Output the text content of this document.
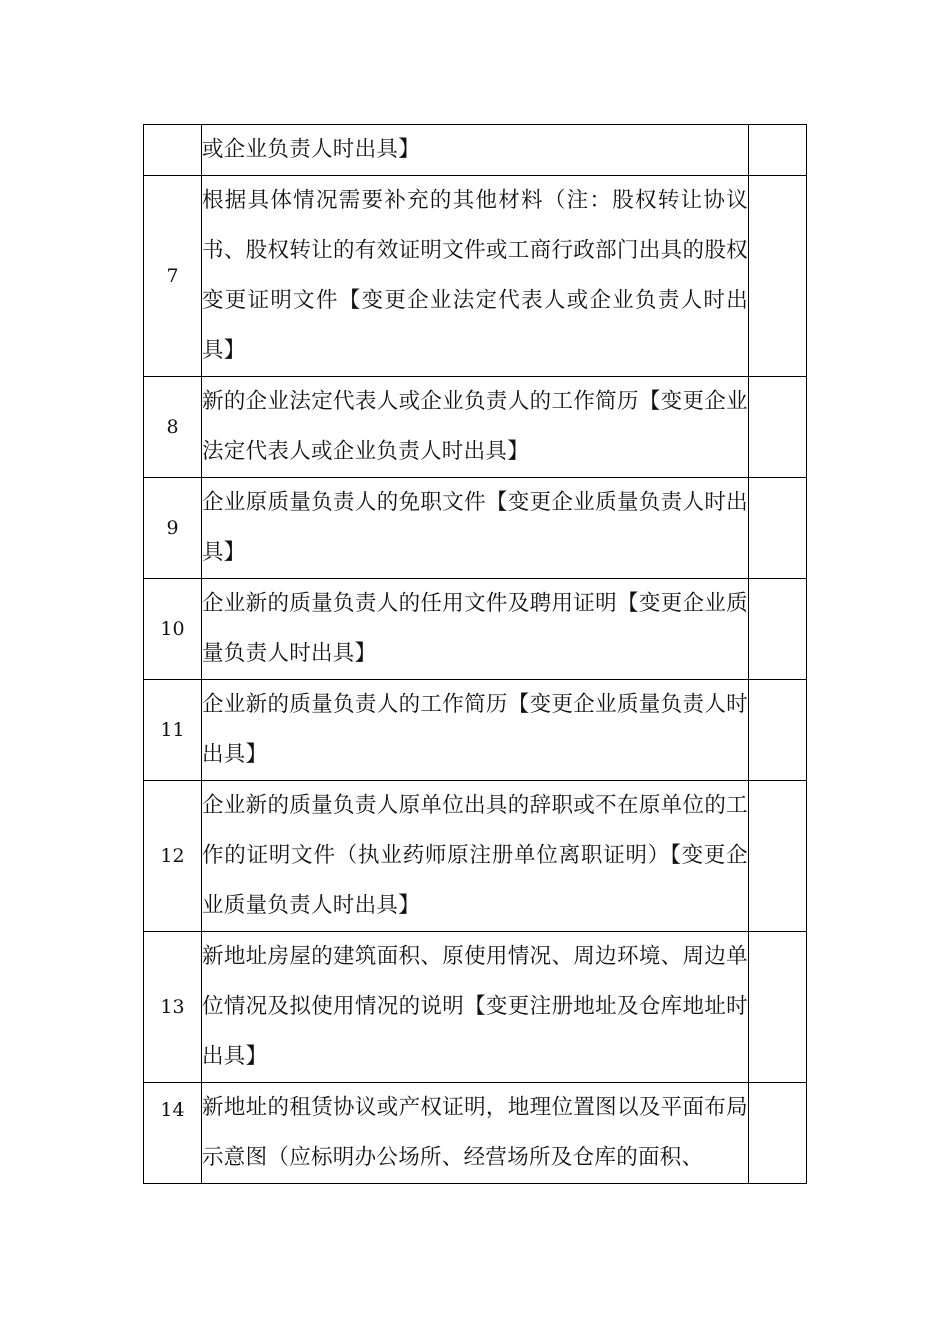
	或企业负责人时出具】	
7	根据具体情况需要补充的其他材料（注：股权转让协议书、股权转让的有效证明文件或工商行政部门出具的股权变更证明文件【变更企业法定代表人或企业负责人时出具】	
8	新的企业法定代表人或企业负责人的工作简历【变更企业法定代表人或企业负责人时出具】	
9	企业原质量负责人的免职文件【变更企业质量负责人时出具】	
10	企业新的质量负责人的任用文件及聘用证明【变更企业质量负责人时出具】	
11	企业新的质量负责人的工作简历【变更企业质量负责人时出具】	
12	企业新的质量负责人原单位出具的辞职或不在原单位的工作的证明文件（执业药师原注册单位离职证明）【变更企业质量负责人时出具】	
13	新地址房屋的建筑面积、原使用情况、周边环境、周边单位情况及拟使用情况的说明【变更注册地址及仓库地址时出具】	
14	新地址的租赁协议或产权证明，地理位置图以及平面布局示意图（应标明办公场所、经营场所及仓库的面积、	
